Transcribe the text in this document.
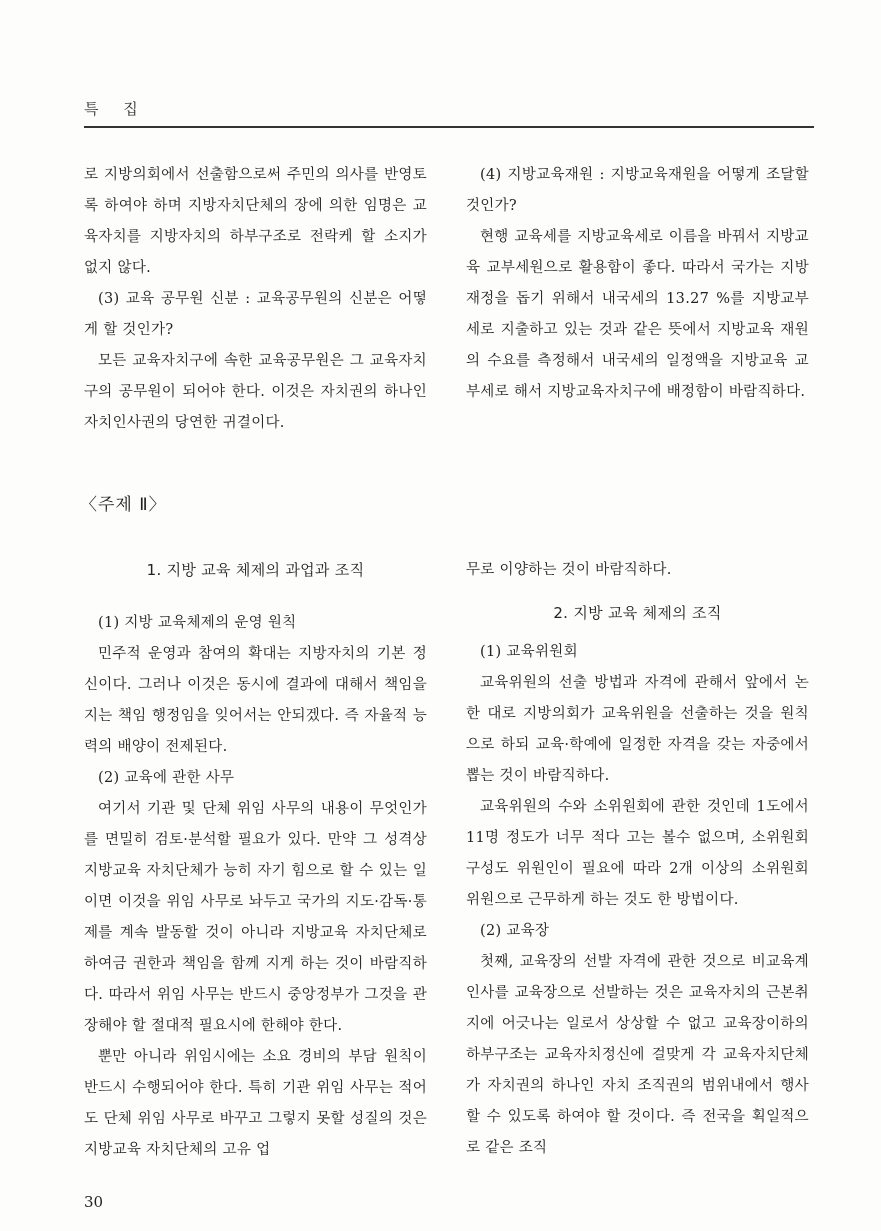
특 집

로 지방의회에서 선출함으로써 주민의 의사를 반영토록 하여야 하며 지방자치단체의 장에 의한 임명은 교육자치를 지방자치의 하부구조로 전락케 할 소지가 없지 않다.

(3) 교육 공무원 신분 : 교육공무원의 신분은 어떻게 할 것인가?

모든 교육자치구에 속한 교육공무원은 그 교육자치구의 공무원이 되어야 한다. 이것은 자치권의 하나인 자치인사권의 당연한 귀결이다.

(4) 지방교육재원 : 지방교육재원을 어떻게 조달할 것인가?

현행 교육세를 지방교육세로 이름을 바꿔서 지방교육 교부세원으로 활용함이 좋다. 따라서 국가는 지방재정을 돕기 위해서 내국세의 13.27 %를 지방교부세로 지출하고 있는 것과 같은 뜻에서 지방교육 재원의 수요를 측정해서 내국세의 일정액을 지방교육 교부세로 해서 지방교육자치구에 배정함이 바람직하다.

〈주제 Ⅱ〉

1. 지방 교육 체제의 과업과 조직

(1) 지방 교육체제의 운영 원칙

민주적 운영과 참여의 확대는 지방자치의 기본 정신이다. 그러나 이것은 동시에 결과에 대해서 책임을 지는 책임 행정임을 잊어서는 안되겠다. 즉 자율적 능력의 배양이 전제된다.

(2) 교육에 관한 사무

여기서 기관 및 단체 위임 사무의 내용이 무엇인가를 면밀히 검토·분석할 필요가 있다. 만약 그 성격상 지방교육 자치단체가 능히 자기 힘으로 할 수 있는 일이면 이것을 위임 사무로 놔두고 국가의 지도·감독·통제를 계속 발동할 것이 아니라 지방교육 자치단체로 하여금 권한과 책임을 함께 지게 하는 것이 바람직하다. 따라서 위임 사무는 반드시 중앙정부가 그것을 관장해야 할 절대적 필요시에 한해야 한다.

뿐만 아니라 위임시에는 소요 경비의 부담 원칙이 반드시 수행되어야 한다. 특히 기관 위임 사무는 적어도 단체 위임 사무로 바꾸고 그렇지 못할 성질의 것은 지방교육 자치단체의 고유 업

무로 이양하는 것이 바람직하다.

2. 지방 교육 체제의 조직

(1) 교육위원회

교육위원의 선출 방법과 자격에 관해서 앞에서 논한 대로 지방의회가 교육위원을 선출하는 것을 원칙으로 하되 교육·학예에 일정한 자격을 갖는 자중에서 뽑는 것이 바람직하다.

교육위원의 수와 소위원회에 관한 것인데 1도에서 11명 정도가 너무 적다 고는 볼수 없으며, 소위원회 구성도 위원인이 필요에 따라 2개 이상의 소위원회 위원으로 근무하게 하는 것도 한 방법이다.

(2) 교육장

첫째, 교육장의 선발 자격에 관한 것으로 비교육계 인사를 교육장으로 선발하는 것은 교육자치의 근본취지에 어긋나는 일로서 상상할 수 없고 교육장이하의 하부구조는 교육자치정신에 걸맞게 각 교육자치단체가 자치권의 하나인 자치 조직권의 범위내에서 행사할 수 있도록 하여야 할 것이다. 즉 전국을 획일적으로 같은 조직

30
